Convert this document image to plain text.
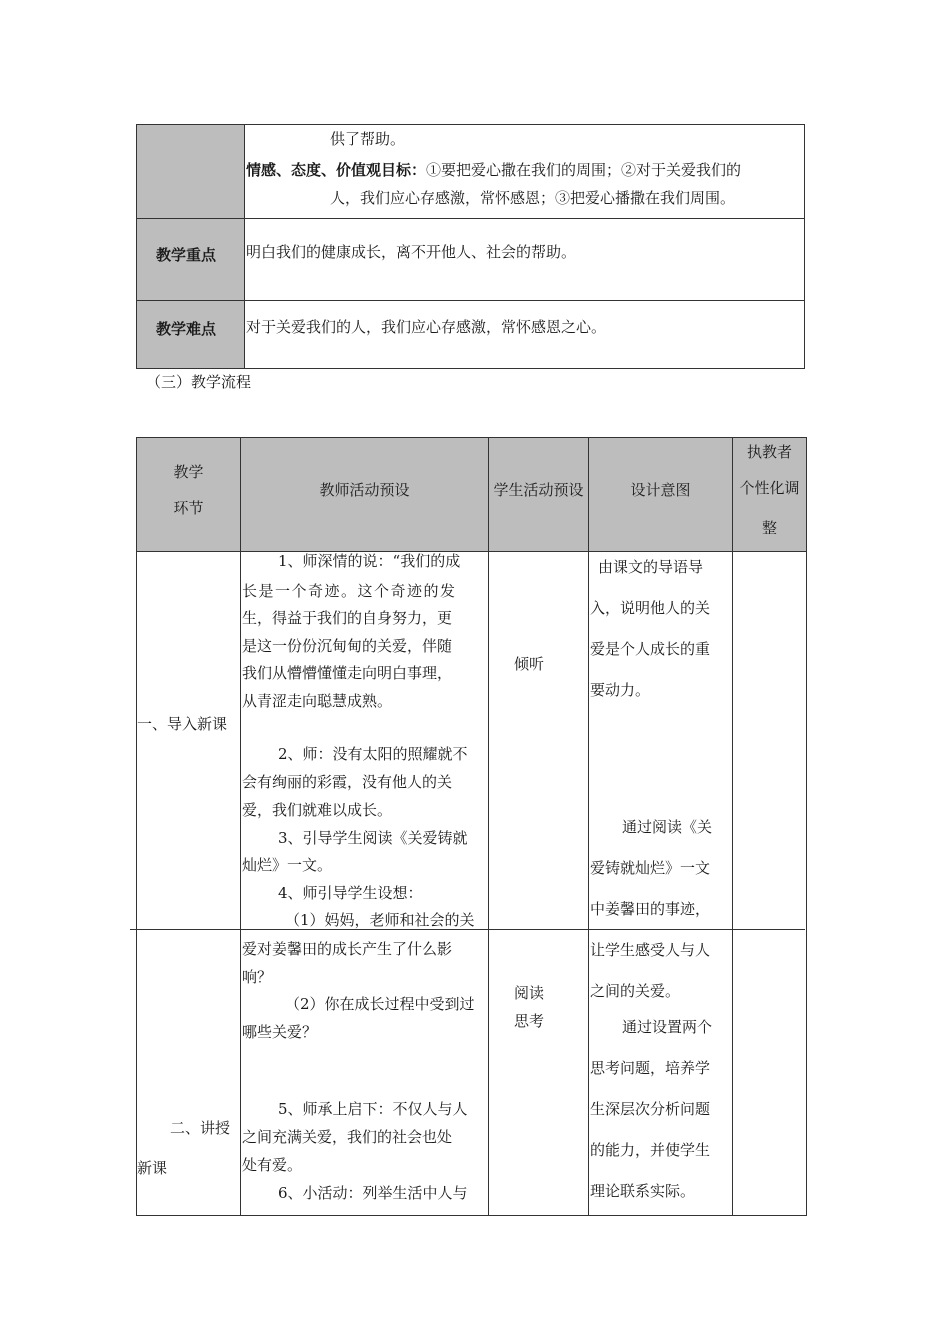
供了帮助。
情感、态度、价值观目标：①要把爱心撒在我们的周围；②对于关爱我们的
人，我们应心存感激，常怀感恩；③把爱心播撒在我们周围。
教学重点 明白我们的健康成长，离不开他人、社会的帮助。
教学难点 对于关爱我们的人，我们应心存感激，常怀感恩之心。
（三）教学流程
教学
环节
教师活动预设	学生活动预设	设计意图
执教者
个性化调
整
一、导入新课
二、讲授
新课
1、师深情的说：“我们的成
长是一个奇迹。这个奇迹的发
生，得益于我们的自身努力，更
是这一份份沉甸甸的关爱，伴随
我们从懵懵懂懂走向明白事理，
从青涩走向聪慧成熟。
2、师：没有太阳的照耀就不
会有绚丽的彩霞，没有他人的关
爱，我们就难以成长。
3、引导学生阅读《关爱铸就
灿烂》一文。
4、师引导学生设想：
（1）妈妈，老师和社会的关
爱对姜馨田的成长产生了什么影
响？
（2）你在成长过程中受到过
哪些关爱？
5、师承上启下：不仅人与人
之间充满关爱，我们的社会也处
处有爱。
6、小活动：列举生活中人与
倾听
阅读
思考
由课文的导语导
入，说明他人的关
爱是个人成长的重
要动力。
通过阅读《关
爱铸就灿烂》一文
中姜馨田的事迹，
让学生感受人与人
之间的关爱。
通过设置两个
思考问题，培养学
生深层次分析问题
的能力，并使学生
理论联系实际。
